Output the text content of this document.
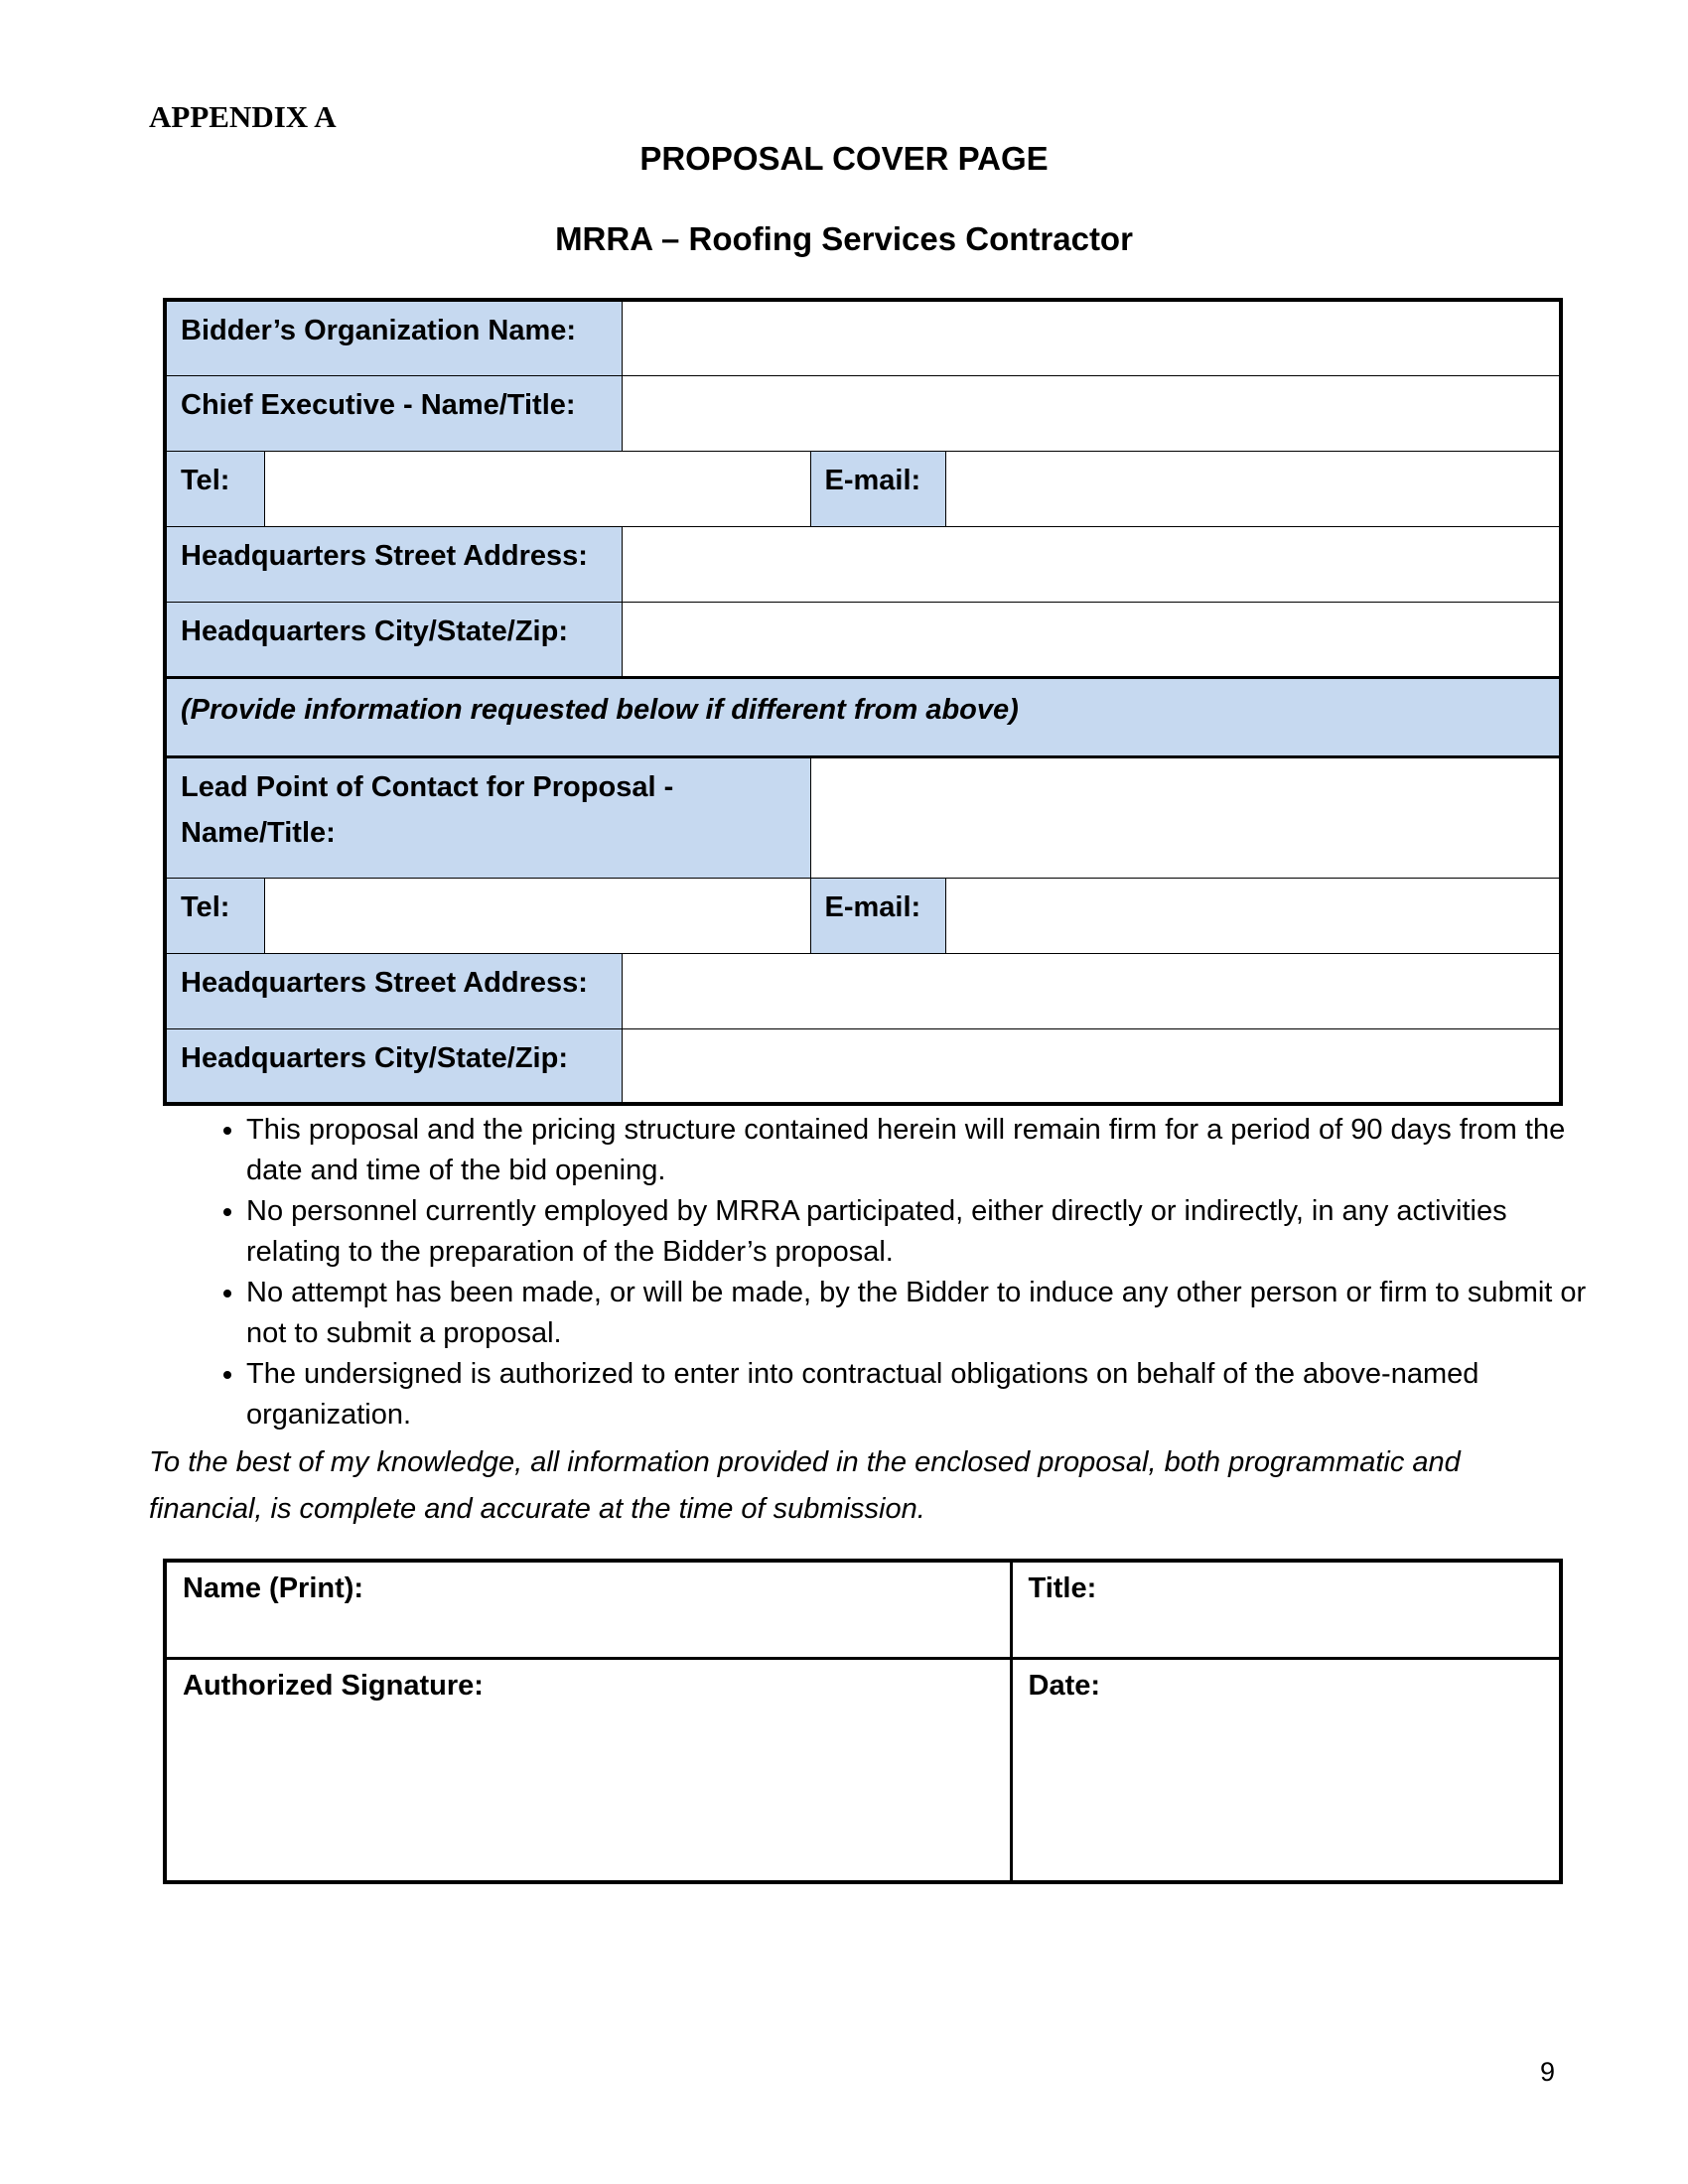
APPENDIX A
PROPOSAL COVER PAGE
MRRA – Roofing Services Contractor
Bidder’s Organization Name:				
Chief Executive - Name/Title:				
Tel:			E-mail:	
Headquarters Street Address:				
Headquarters City/State/Zip:				
(Provide information requested below if different from above)				
Lead Point of Contact for Proposal - Name/Title:				
Tel:			E-mail:	
Headquarters Street Address:				
Headquarters City/State/Zip:				
• This proposal and the pricing structure contained herein will remain firm for a period of 90 days from the date and time of the bid opening.
• No personnel currently employed by MRRA participated, either directly or indirectly, in any activities relating to the preparation of the Bidder’s proposal.
• No attempt has been made, or will be made, by the Bidder to induce any other person or firm to submit or not to submit a proposal.
• The undersigned is authorized to enter into contractual obligations on behalf of the above-named organization.
To the best of my knowledge, all information provided in the enclosed proposal, both programmatic and financial, is complete and accurate at the time of submission.
Name (Print):	Title:
Authorized Signature:	Date:
9
